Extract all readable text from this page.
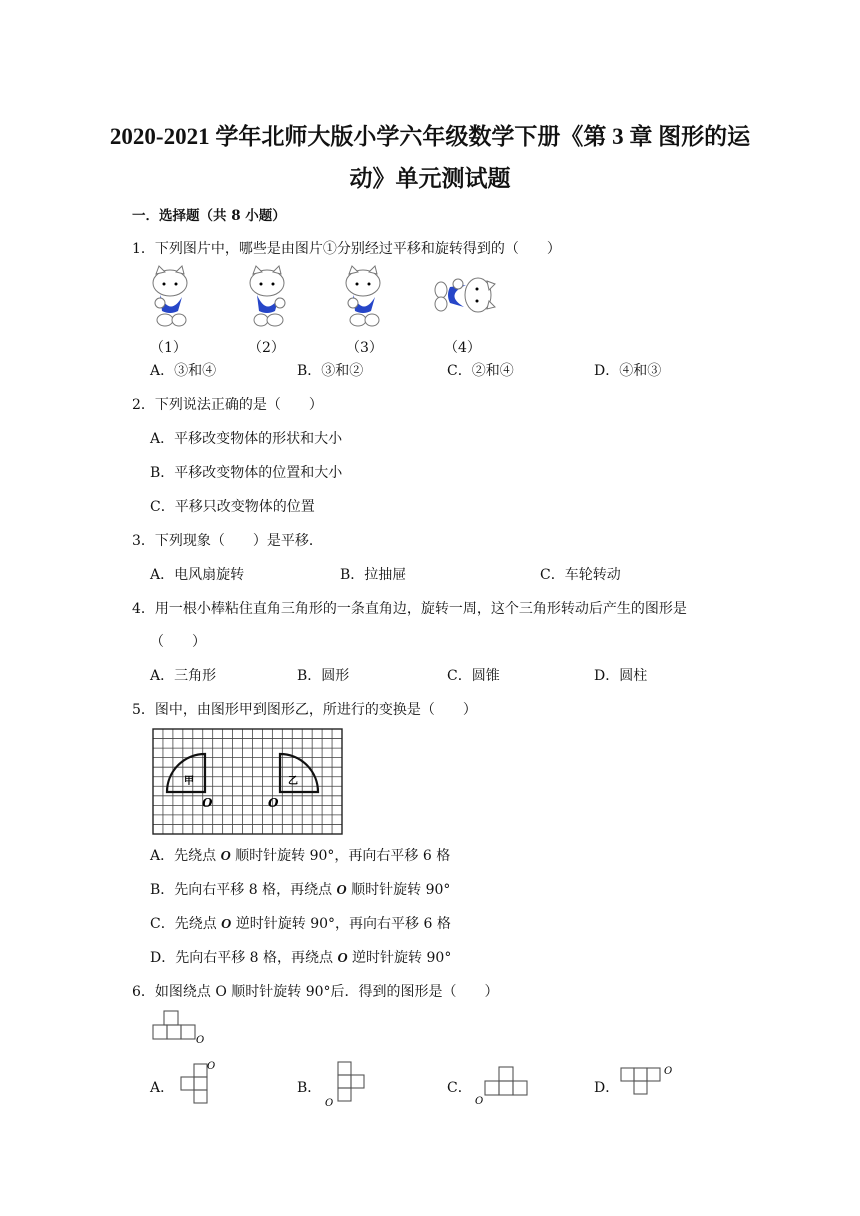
2020-2021 学年北师大版小学六年级数学下册《第 3 章 图形的运
动》单元测试题
一．选择题（共 8 小题）
1．下列图片中，哪些是由图片①分别经过平移和旋转得到的（　　）
（1）	（2）	（3）	（4）
A．③和④	B．③和②	C．②和④	D．④和③
2．下列说法正确的是（　　）
A．平移改变物体的形状和大小
B．平移改变物体的位置和大小
C．平移只改变物体的位置
3．下列现象（　　）是平移．
A．电风扇旋转	B．拉抽屉	C．车轮转动
4．用一根小棒粘住直角三角形的一条直角边，旋转一周，这个三角形转动后产生的图形是
（　　）
A．三角形	B．圆形	C．圆锥	D．圆柱
5．图中，由图形甲到图形乙，所进行的变换是（　　）
甲	乙
O	O
A．先绕点 O 顺时针旋转 90°，再向右平移 6 格
B．先向右平移 8 格，再绕点 O 顺时针旋转 90°
C．先绕点 O 逆时针旋转 90°，再向右平移 6 格
D．先向右平移 8 格，再绕点 O 逆时针旋转 90°
6．如图绕点 O 顺时针旋转 90°后．得到的图形是（　　）
O
A．
O
B．
O
C．
O
D．
O
